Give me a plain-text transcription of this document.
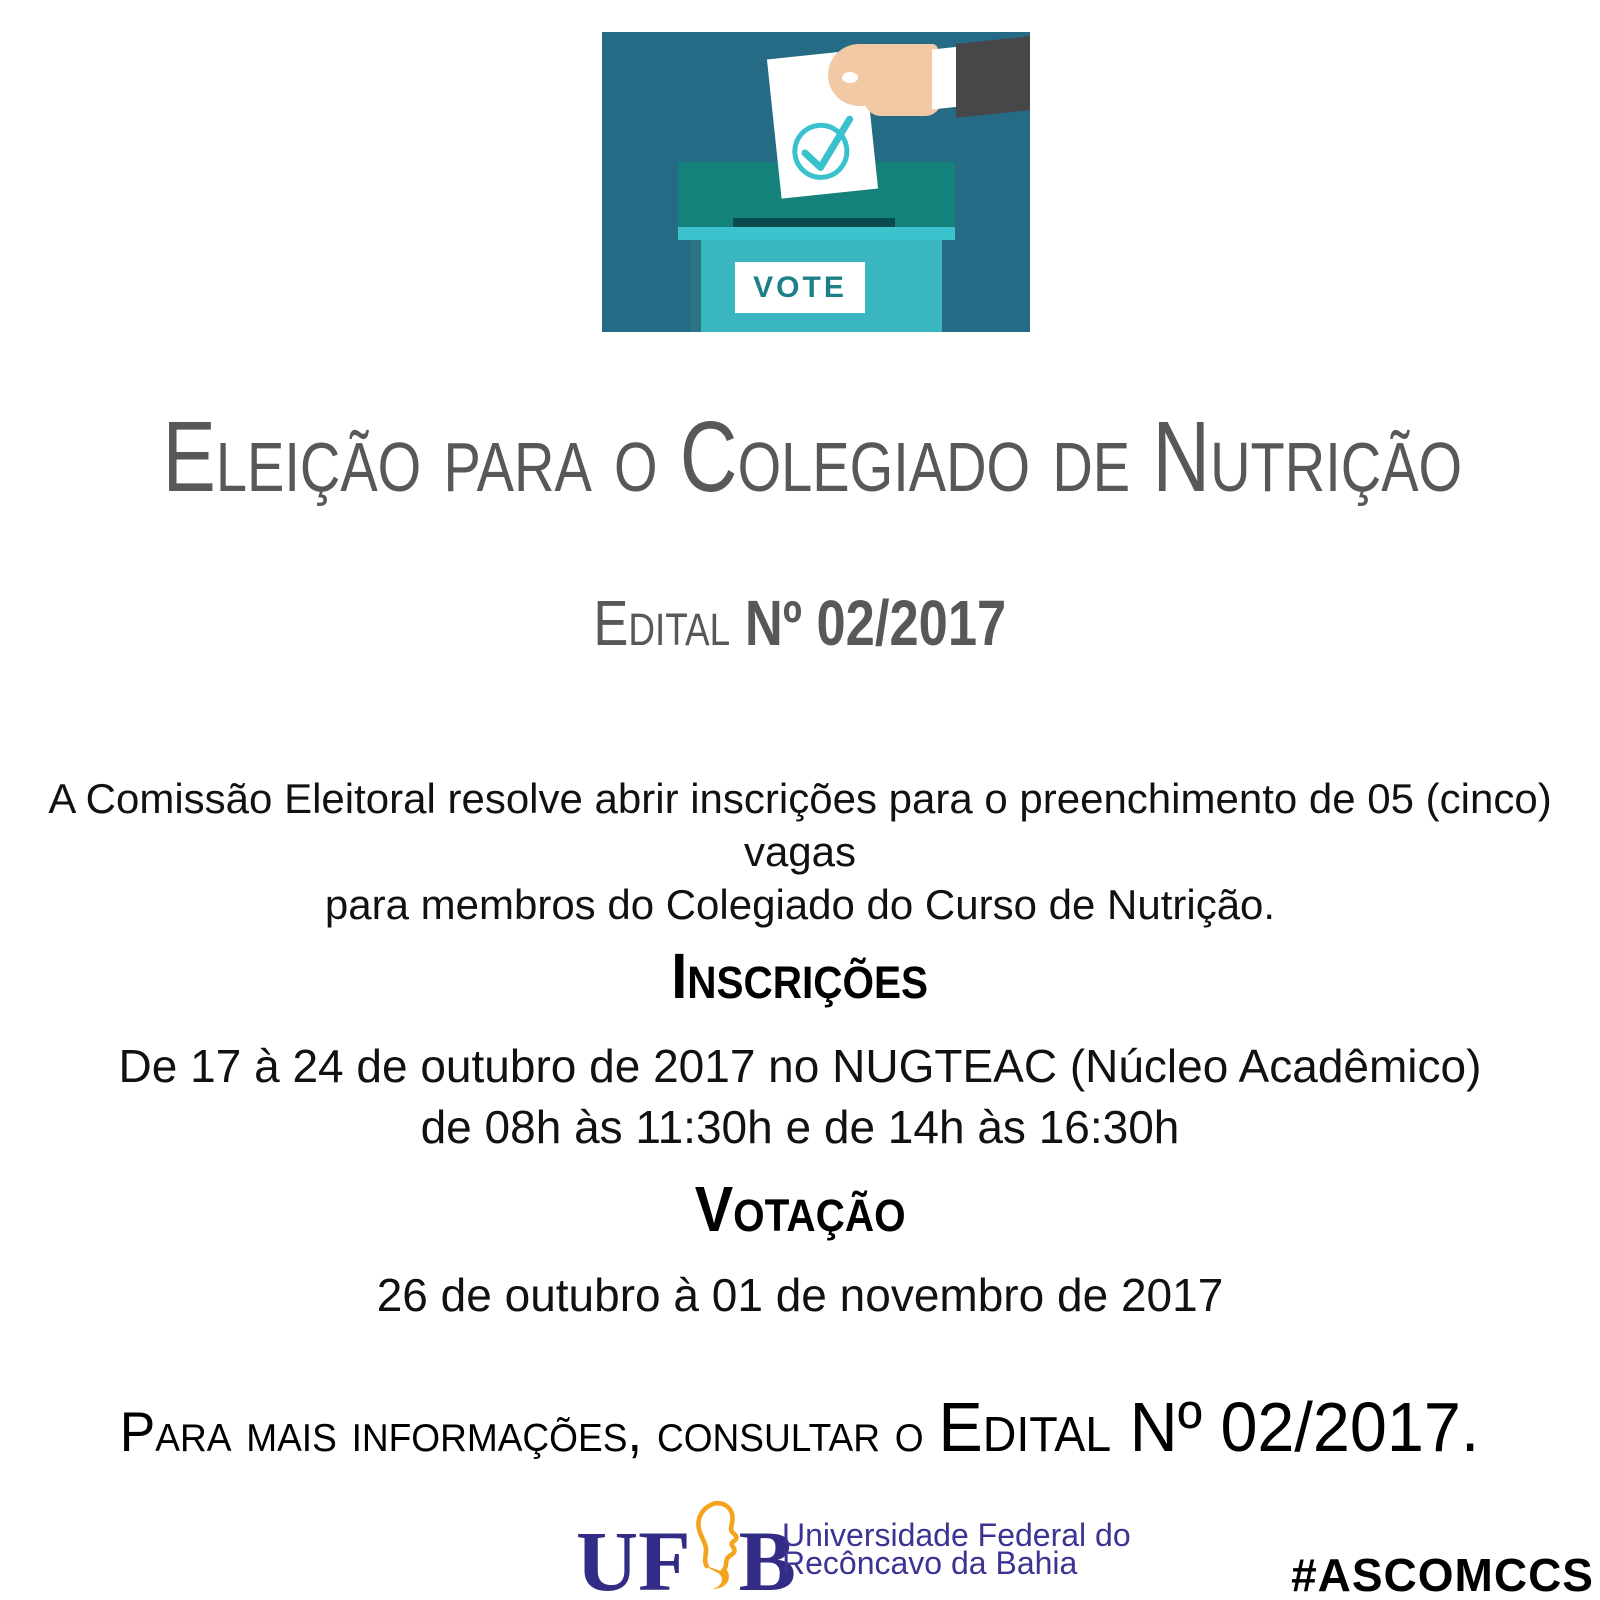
VOTE
Eleição para o Colegiado de Nutrição
Edital Nº 02/2017
A Comissão Eleitoral resolve abrir inscrições para o preenchimento de 05 (cinco) vagas
para membros do Colegiado do Curso de Nutrição.
Inscrições
De 17 à 24 de outubro de 2017 no NUGTEAC (Núcleo Acadêmico)
de 08h às 11:30h e de 14h às 16:30h
Votação
26 de outubro à 01 de novembro de 2017
Para mais informações, consultar o Edital Nº 02/2017.
UF B
Universidade Federal do
Recôncavo da Bahia	#ASCOMCCS
